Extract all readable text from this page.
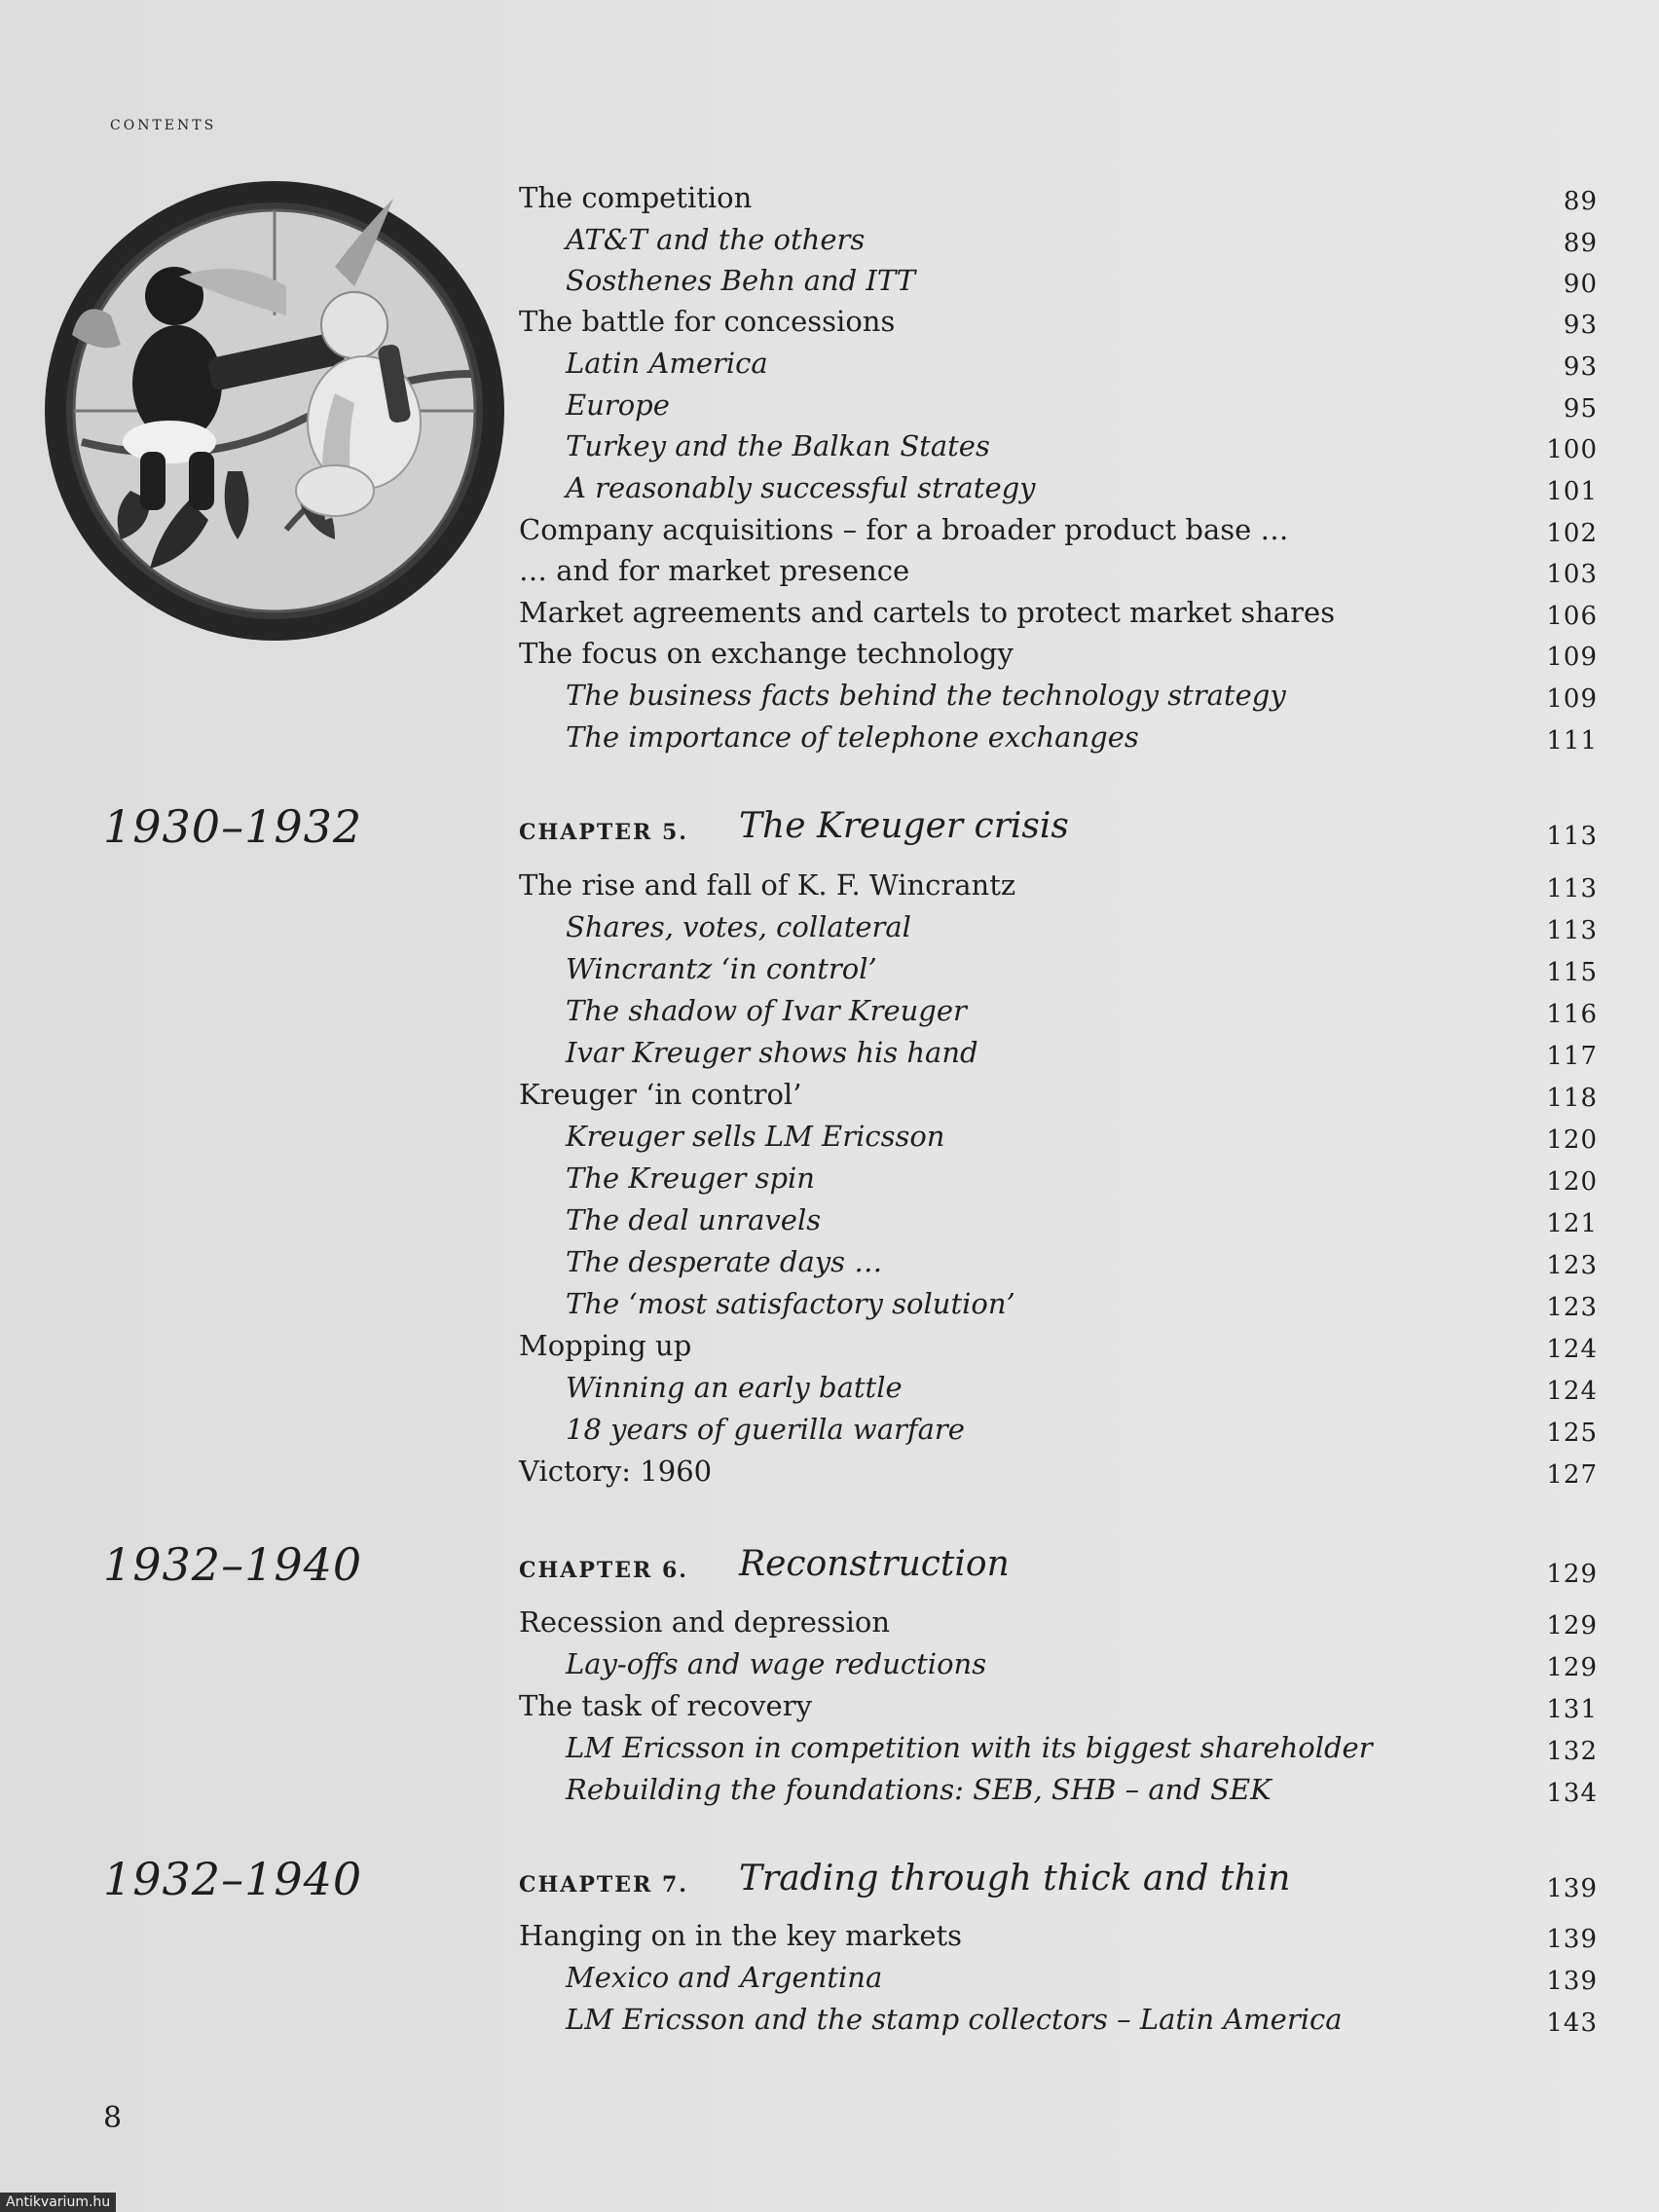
contents
The competition	89
AT&T and the others	89
Sosthenes Behn and ITT	90
The battle for concessions	93
Latin America	93
Europe	95
Turkey and the Balkan States	100
A reasonably successful strategy	101
Company acquisitions – for a broader product base …	102
… and for market presence	103
Market agreements and cartels to protect market shares	106
The focus on exchange technology	109
The business facts behind the technology strategy	109
The importance of telephone exchanges	111
1930–1932	CHAPTER 5. The Kreuger crisis	113
The rise and fall of K. F. Wincrantz	113
Shares, votes, collateral	113
Wincrantz ‘in control’	115
The shadow of Ivar Kreuger	116
Ivar Kreuger shows his hand	117
Kreuger ‘in control’	118
Kreuger sells LM Ericsson	120
The Kreuger spin	120
The deal unravels	121
The desperate days …	123
The ‘most satisfactory solution’	123
Mopping up	124
Winning an early battle	124
18 years of guerilla warfare	125
Victory: 1960	127
1932–1940	CHAPTER 6. Reconstruction	129
Recession and depression	129
Lay-offs and wage reductions	129
The task of recovery	131
LM Ericsson in competition with its biggest shareholder	132
Rebuilding the foundations: SEB, SHB – and SEK	134
1932–1940	CHAPTER 7. Trading through thick and thin	139
Hanging on in the key markets	139
Mexico and Argentina	139
LM Ericsson and the stamp collectors – Latin America	143
8
Antikvarium.hu
